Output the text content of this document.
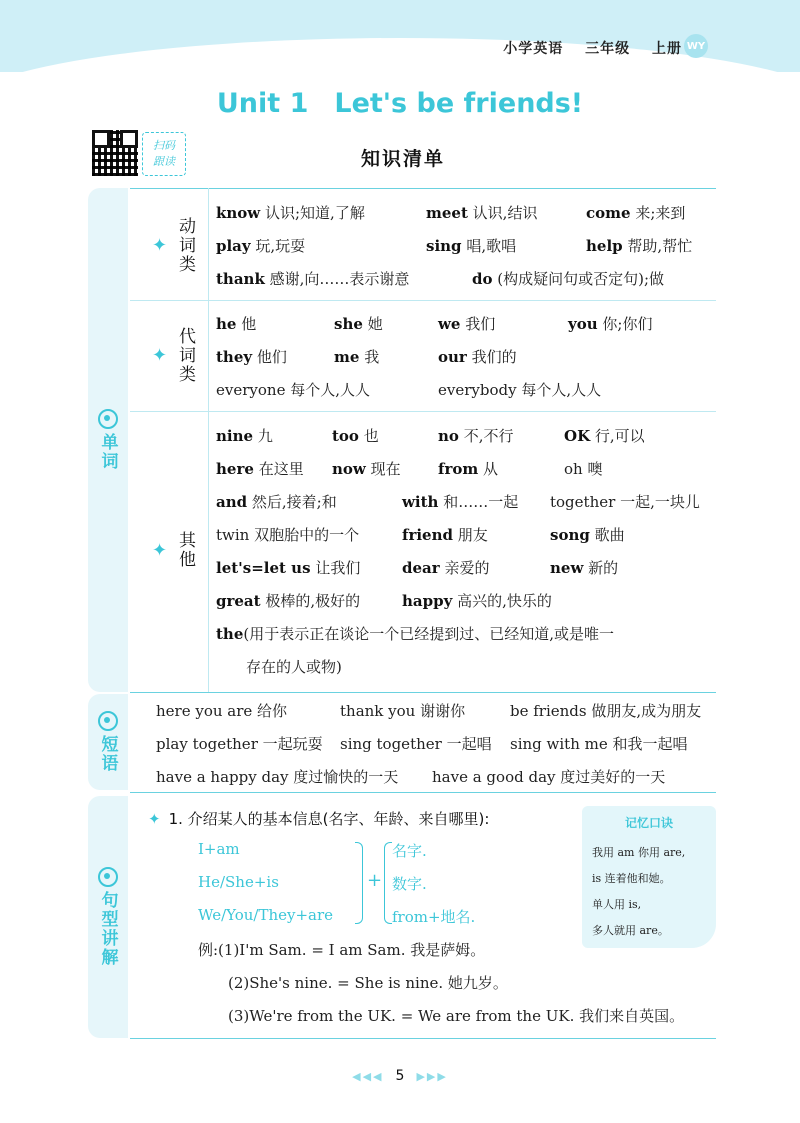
小学英语 三年级 上册 WY
Unit 1 Let's be friends!
扫码
跟读	知识清单
单词
短语
句型讲解
✦ 动词类
know 认识;知道,了解	meet 认识,结识	come 来;来到
play 玩,玩耍	sing 唱,歌唱	help 帮助,帮忙
thank 感谢,向……表示谢意	do (构成疑问句或否定句);做
✦ 代词类
he 他	she 她	we 我们	you 你;你们
they 他们	me 我	our 我们的
everyone 每个人,人人	everybody 每个人,人人
✦ 其他
nine 九	too 也	no 不,不行	OK 行,可以
here 在这里 now 现在 from 从	oh 噢
and 然后,接着;和	with 和……一起 together 一起,一块儿
twin 双胞胎中的一个	friend 朋友	song 歌曲
let's=let us 让我们	dear 亲爱的	new 新的
great 极棒的,极好的	happy 高兴的,快乐的
the(用于表示正在谈论一个已经提到过、已经知道,或是唯一
存在的人或物)
here you are 给你	thank you 谢谢你	be friends 做朋友,成为朋友
play together 一起玩耍 sing together 一起唱 sing with me 和我一起唱
have a happy day 度过愉快的一天 have a good day 度过美好的一天
✦ 1. 介绍某人的基本信息(名字、年龄、来自哪里):
I+am
He/She+is
We/You/They+are
+
名字.
数字.
from+地名.
例:(1)I'm Sam. = I am Sam. 我是萨姆。
(2)She's nine. = She is nine. 她九岁。
(3)We're from the UK. = We are from the UK. 我们来自英国。
记忆口诀
我用 am 你用 are,
is 连着他和她。
单人用 is,
多人就用 are。
◀◀◀ 5 ▶▶▶
